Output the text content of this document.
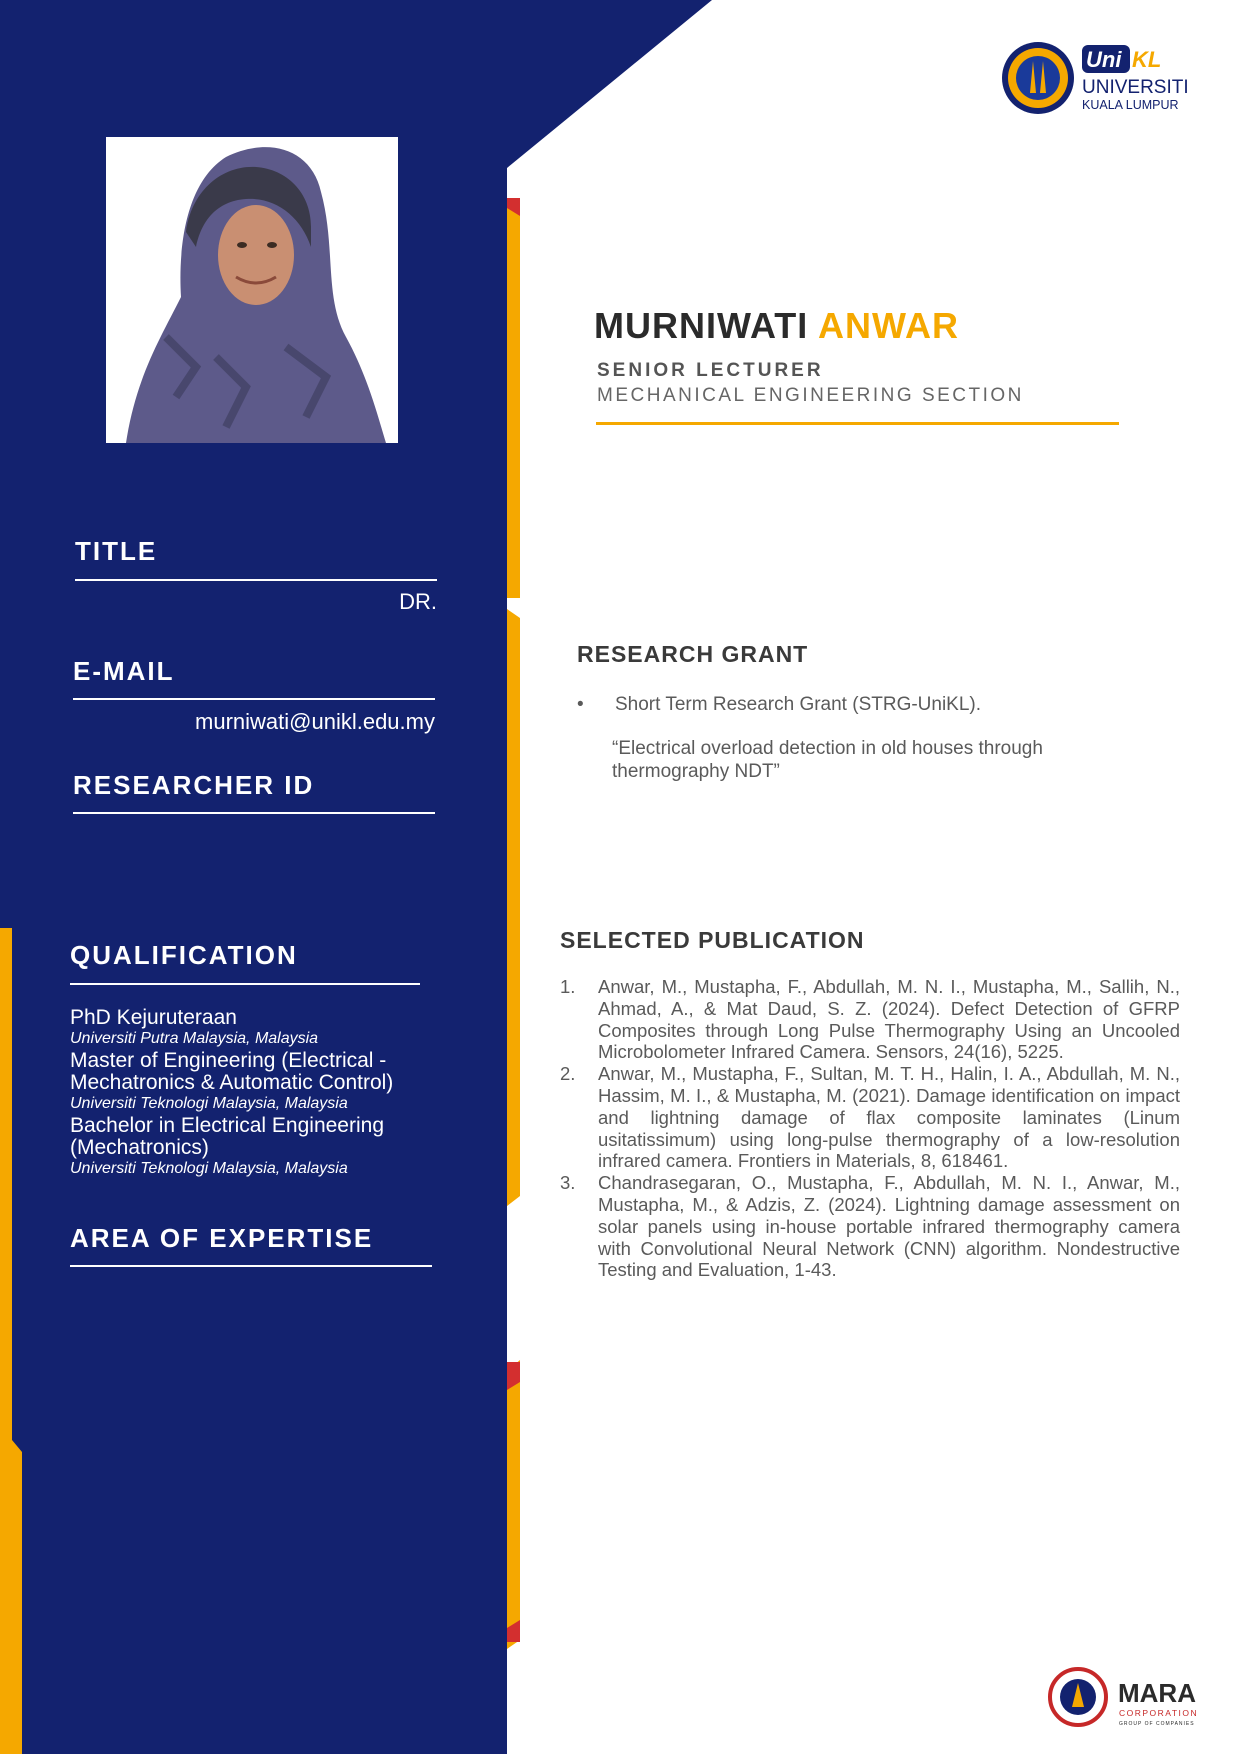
Uni KL
UNIVERSITI
KUALA LUMPUR
MURNIWATI ANWAR
SENIOR LECTURER
MECHANICAL ENGINEERING SECTION
TITLE
DR.
E-MAIL
murniwati@unikl.edu.my
RESEARCHER ID
QUALIFICATION
PhD Kejuruteraan
Universiti Putra Malaysia, Malaysia
Master of Engineering (Electrical - Mechatronics & Automatic Control)
Universiti Teknologi Malaysia, Malaysia
Bachelor in Electrical Engineering (Mechatronics)
Universiti Teknologi Malaysia, Malaysia
AREA OF EXPERTISE
RESEARCH GRANT
• Short Term Research Grant (STRG-UniKL).
“Electrical overload detection in old houses through thermography NDT”
SELECTED PUBLICATION
1. Anwar, M., Mustapha, F., Abdullah, M. N. I., Mustapha, M., Sallih, N., Ahmad, A., & Mat Daud, S. Z. (2024). Defect Detection of GFRP Composites through Long Pulse Thermography Using an Uncooled Microbolometer Infrared Camera. Sensors, 24(16), 5225.
2. Anwar, M., Mustapha, F., Sultan, M. T. H., Halin, I. A., Abdullah, M. N., Hassim, M. I., & Mustapha, M. (2021). Damage identification on impact and lightning damage of flax composite laminates (Linum usitatissimum) using long-pulse thermography of a low-resolution infrared camera. Frontiers in Materials, 8, 618461.
3. Chandrasegaran, O., Mustapha, F., Abdullah, M. N. I., Anwar, M., Mustapha, M., & Adzis, Z. (2024). Lightning damage assessment on solar panels using in-house portable infrared thermography camera with Convolutional Neural Network (CNN) algorithm. Nondestructive Testing and Evaluation, 1-43.
MARA
CORPORATION
GROUP OF COMPANIES
